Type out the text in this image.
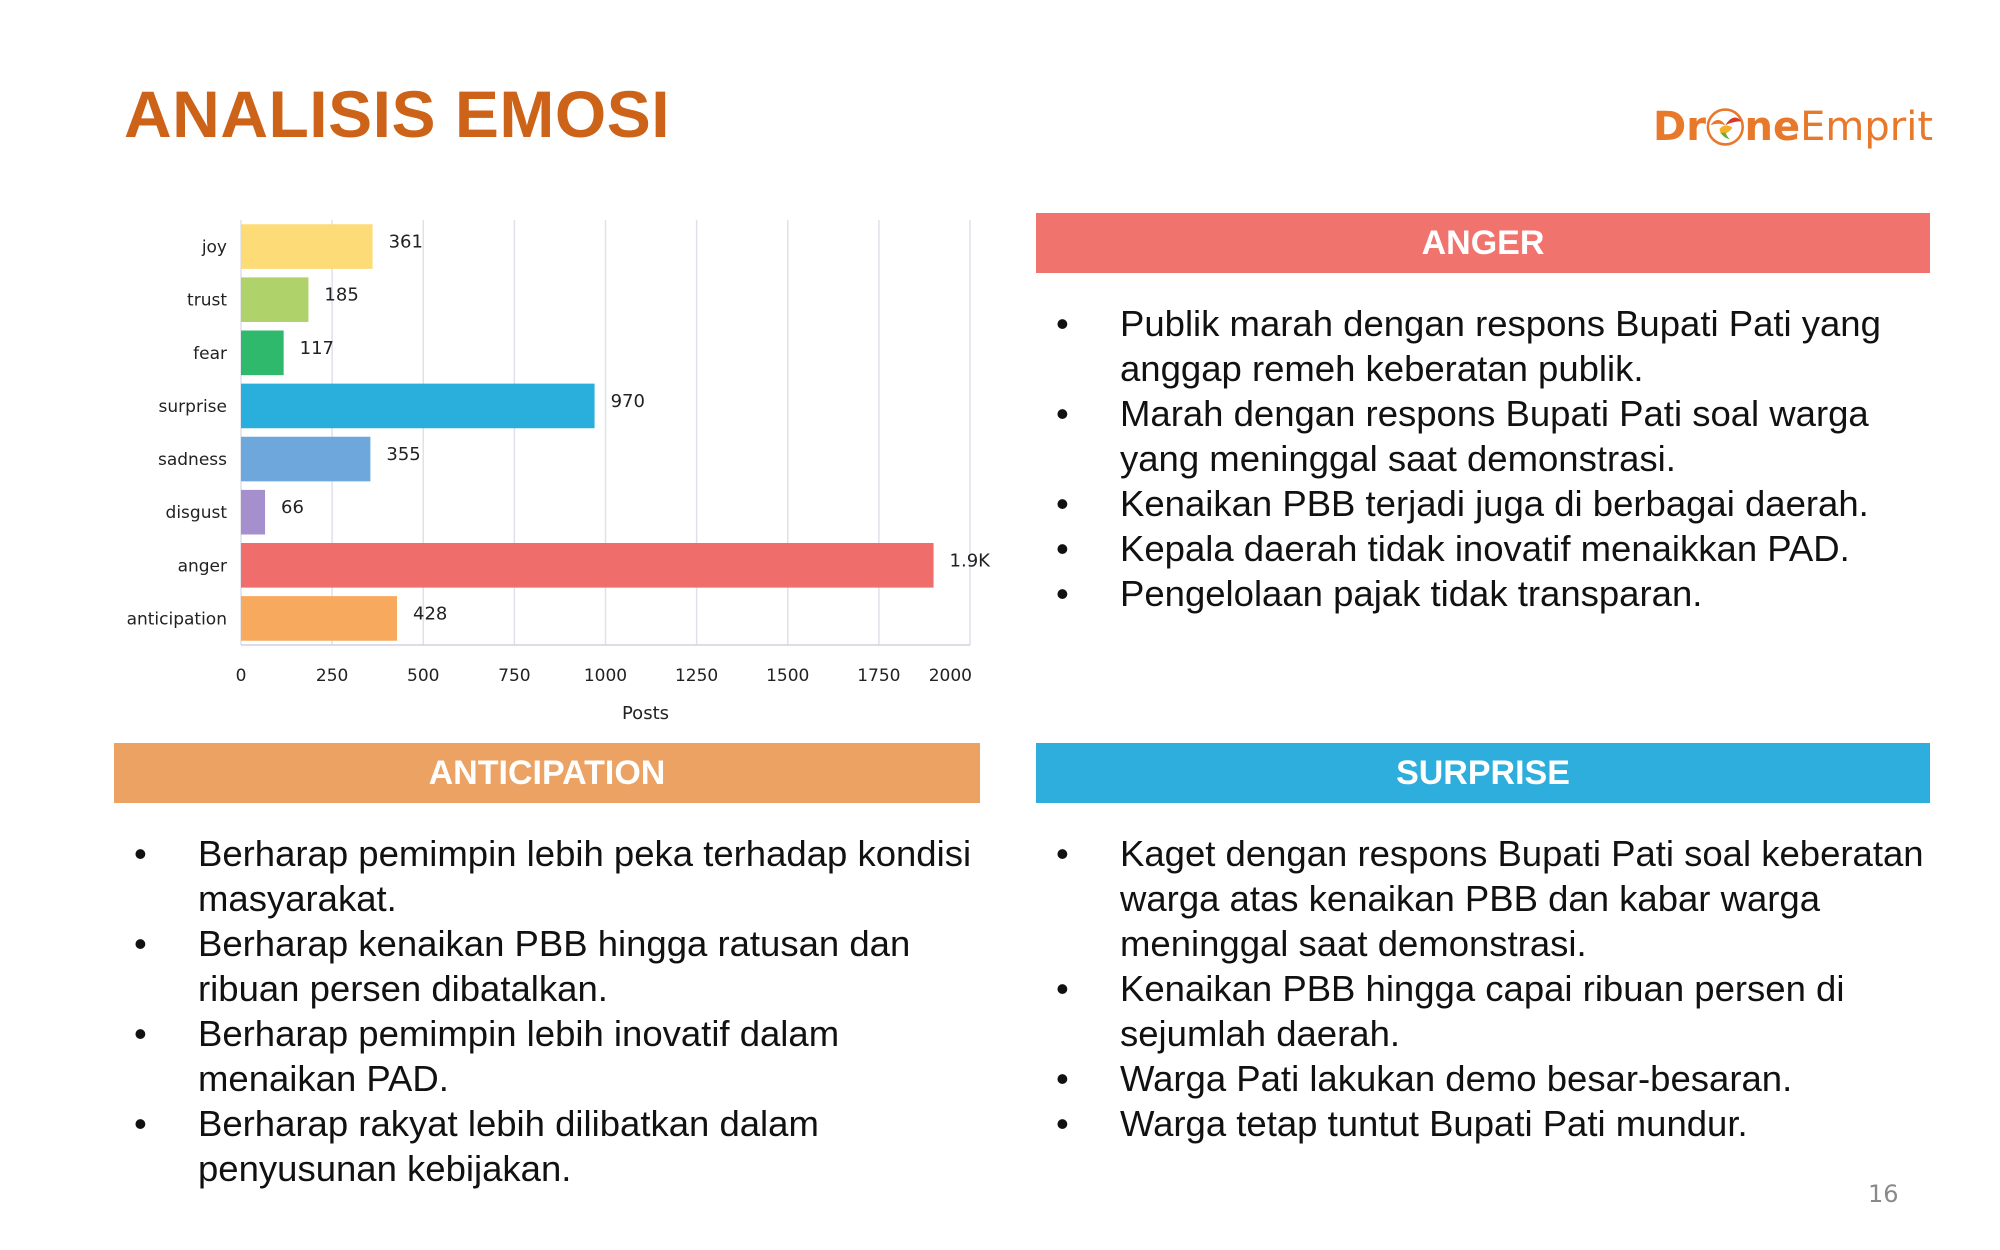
ANALISIS EMOSI	Dr ne Emprit
joy	361
trust	185
fear	117
surprise	970
sadness	355
disgust	66
anger	1.9K
anticipation	428
0	250	500	750	1000	1250	1500	1750 2000
Posts
ANGER
• Publik marah dengan respons Bupati Pati yang anggap remeh keberatan publik.
• Marah dengan respons Bupati Pati soal warga yang meninggal saat demonstrasi.
• Kenaikan PBB terjadi juga di berbagai daerah.
• Kepala daerah tidak inovatif menaikkan PAD.
• Pengelolaan pajak tidak transparan.
ANTICIPATION
• Berharap pemimpin lebih peka terhadap kondisi masyarakat.
• Berharap kenaikan PBB hingga ratusan dan ribuan persen dibatalkan.
• Berharap pemimpin lebih inovatif dalam menaikan PAD.
• Berharap rakyat lebih dilibatkan dalam penyusunan kebijakan.
SURPRISE
• Kaget dengan respons Bupati Pati soal keberatan warga atas kenaikan PBB dan kabar warga meninggal saat demonstrasi.
• Kenaikan PBB hingga capai ribuan persen di sejumlah daerah.
• Warga Pati lakukan demo besar-besaran.
• Warga tetap tuntut Bupati Pati mundur.
16
